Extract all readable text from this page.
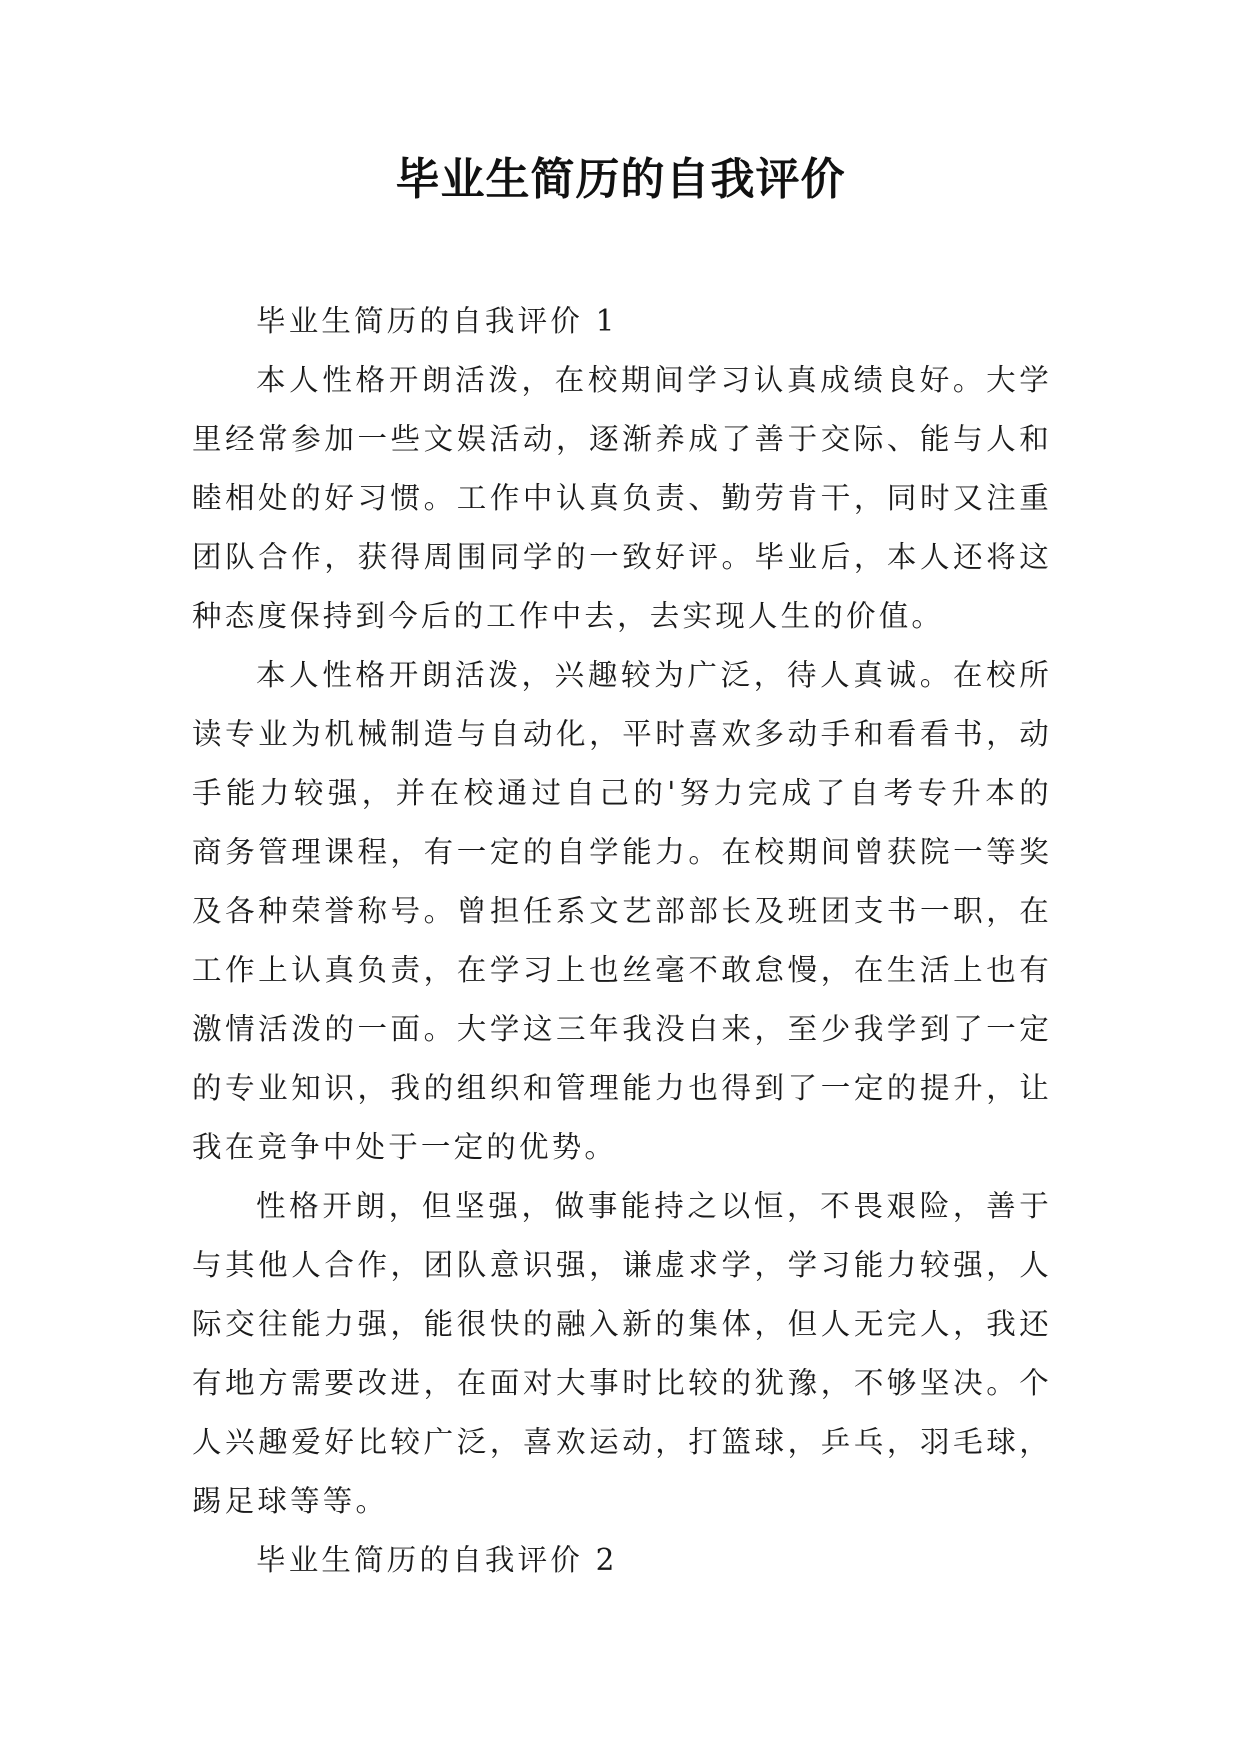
毕业生简历的自我评价

毕业生简历的自我评价 1

本人性格开朗活泼，在校期间学习认真成绩良好。大学里经常参加一些文娱活动，逐渐养成了善于交际、能与人和睦相处的好习惯。工作中认真负责、勤劳肯干，同时又注重团队合作，获得周围同学的一致好评。毕业后，本人还将这种态度保持到今后的工作中去，去实现人生的价值。

本人性格开朗活泼，兴趣较为广泛，待人真诚。在校所读专业为机械制造与自动化，平时喜欢多动手和看看书，动手能力较强，并在校通过自己的'努力完成了自考专升本的商务管理课程，有一定的自学能力。在校期间曾获院一等奖及各种荣誉称号。曾担任系文艺部部长及班团支书一职，在工作上认真负责，在学习上也丝毫不敢怠慢，在生活上也有激情活泼的一面。大学这三年我没白来，至少我学到了一定的专业知识，我的组织和管理能力也得到了一定的提升，让我在竞争中处于一定的优势。

性格开朗，但坚强，做事能持之以恒，不畏艰险，善于与其他人合作，团队意识强，谦虚求学，学习能力较强，人际交往能力强，能很快的融入新的集体，但人无完人，我还有地方需要改进，在面对大事时比较的犹豫，不够坚决。个人兴趣爱好比较广泛，喜欢运动，打篮球，乒乓，羽毛球，踢足球等等。

毕业生简历的自我评价 2
